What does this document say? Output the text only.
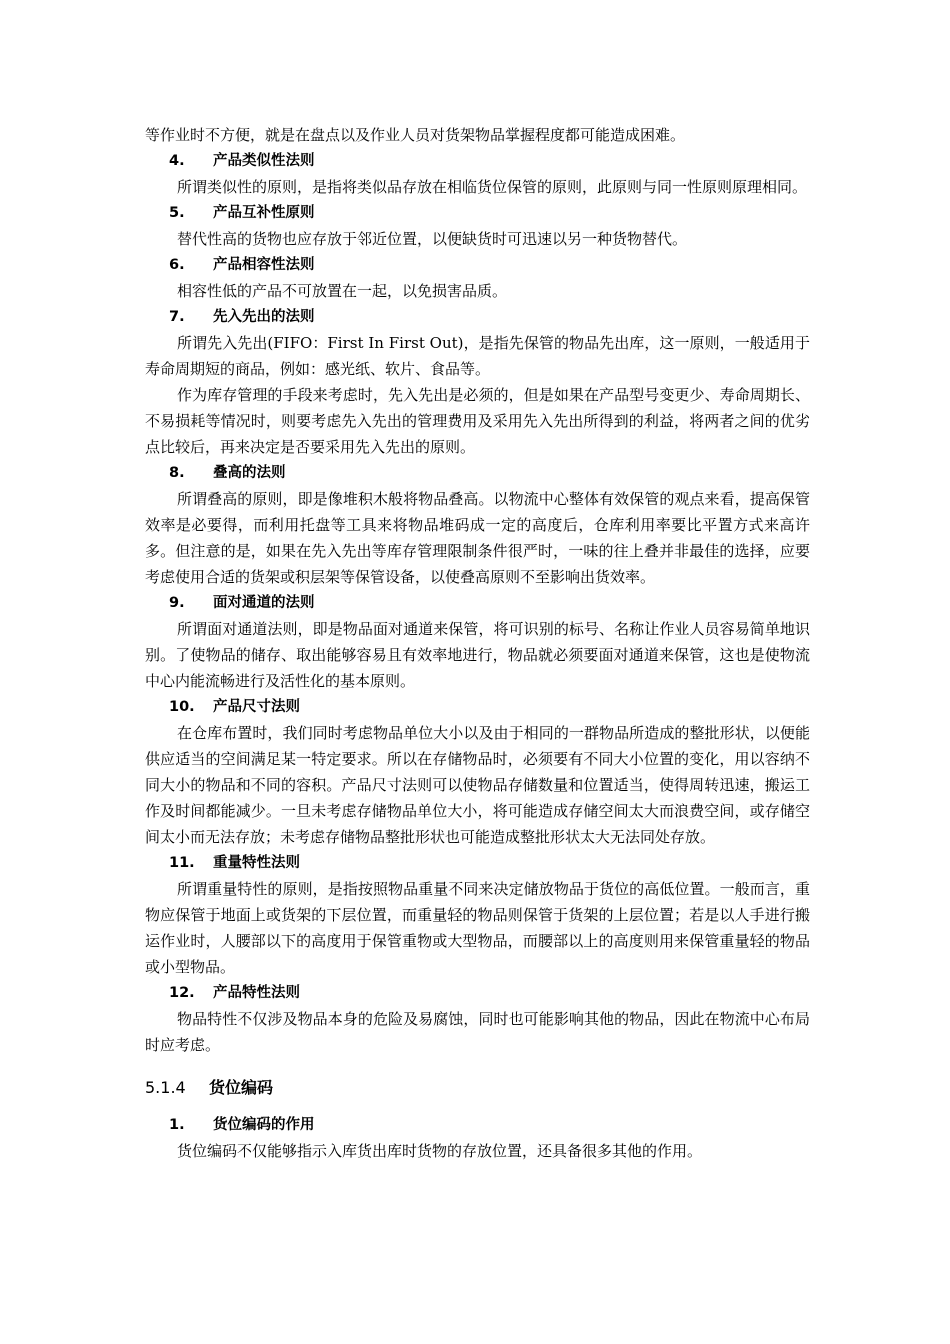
等作业时不方便，就是在盘点以及作业人员对货架物品掌握程度都可能造成困难。

4. 产品类似性法则

所谓类似性的原则，是指将类似品存放在相临货位保管的原则，此原则与同一性原则原理相同。

5. 产品互补性原则

替代性高的货物也应存放于邻近位置，以便缺货时可迅速以另一种货物替代。

6. 产品相容性法则

相容性低的产品不可放置在一起，以免损害品质。

7. 先入先出的法则

所谓先入先出(FIFO：First In First Out)，是指先保管的物品先出库，这一原则，一般适用于寿命周期短的商品，例如：感光纸、软片、食品等。

作为库存管理的手段来考虑时，先入先出是必须的，但是如果在产品型号变更少、寿命周期长、不易损耗等情况时，则要考虑先入先出的管理费用及采用先入先出所得到的利益，将两者之间的优劣点比较后，再来决定是否要采用先入先出的原则。

8. 叠高的法则

所谓叠高的原则，即是像堆积木般将物品叠高。以物流中心整体有效保管的观点来看，提高保管效率是必要得，而利用托盘等工具来将物品堆码成一定的高度后，仓库利用率要比平置方式来高许多。但注意的是，如果在先入先出等库存管理限制条件很严时，一味的往上叠并非最佳的选择，应要考虑使用合适的货架或积层架等保管设备，以使叠高原则不至影响出货效率。

9. 面对通道的法则

所谓面对通道法则，即是物品面对通道来保管，将可识别的标号、名称让作业人员容易简单地识别。了使物品的储存、取出能够容易且有效率地进行，物品就必须要面对通道来保管，这也是使物流中心内能流畅进行及活性化的基本原则。

10. 产品尺寸法则

在仓库布置时，我们同时考虑物品单位大小以及由于相同的一群物品所造成的整批形状，以便能供应适当的空间满足某一特定要求。所以在存储物品时，必须要有不同大小位置的变化，用以容纳不同大小的物品和不同的容积。产品尺寸法则可以使物品存储数量和位置适当，使得周转迅速，搬运工作及时间都能减少。一旦未考虑存储物品单位大小，将可能造成存储空间太大而浪费空间，或存储空间太小而无法存放；未考虑存储物品整批形状也可能造成整批形状太大无法同处存放。

11. 重量特性法则

所谓重量特性的原则，是指按照物品重量不同来决定储放物品于货位的高低位置。一般而言，重物应保管于地面上或货架的下层位置，而重量轻的物品则保管于货架的上层位置；若是以人手进行搬运作业时，人腰部以下的高度用于保管重物或大型物品，而腰部以上的高度则用来保管重量轻的物品或小型物品。

12. 产品特性法则

物品特性不仅涉及物品本身的危险及易腐蚀，同时也可能影响其他的物品，因此在物流中心布局时应考虑。

5.1.4 货位编码

1. 货位编码的作用

货位编码不仅能够指示入库货出库时货物的存放位置，还具备很多其他的作用。
